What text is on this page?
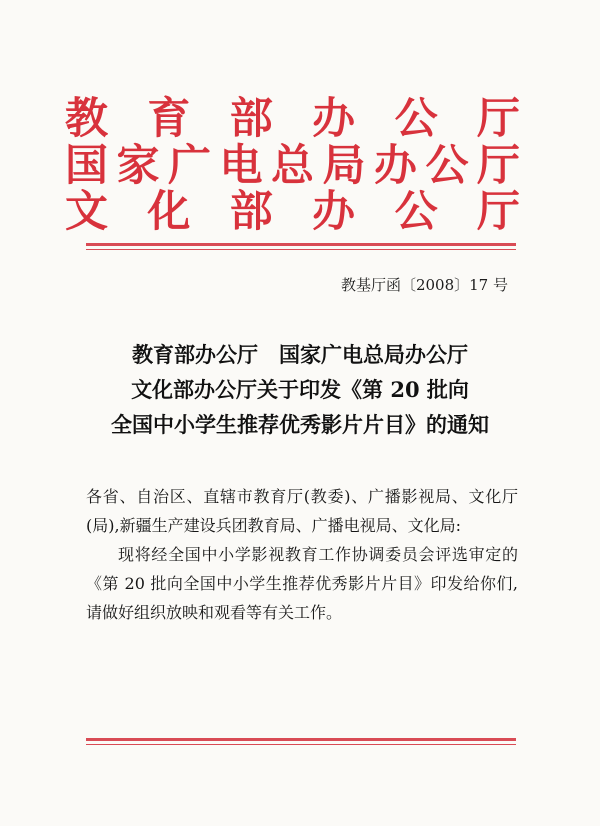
教 育 部 办 公 厅
国 家 广 电 总 局 办 公 厅
文 化 部 办 公 厅
教基厅函〔2008〕17 号
教育部办公厅　国家广电总局办公厅
文化部办公厅关于印发《第 20 批向
全国中小学生推荐优秀影片片目》的通知

各省、自治区、直辖市教育厅(教委)、广播影视局、文化厅(局),新疆生产建设兵团教育局、广播电视局、文化局:

现将经全国中小学影视教育工作协调委员会评选审定的《第 20 批向全国中小学生推荐优秀影片片目》印发给你们,请做好组织放映和观看等有关工作。
